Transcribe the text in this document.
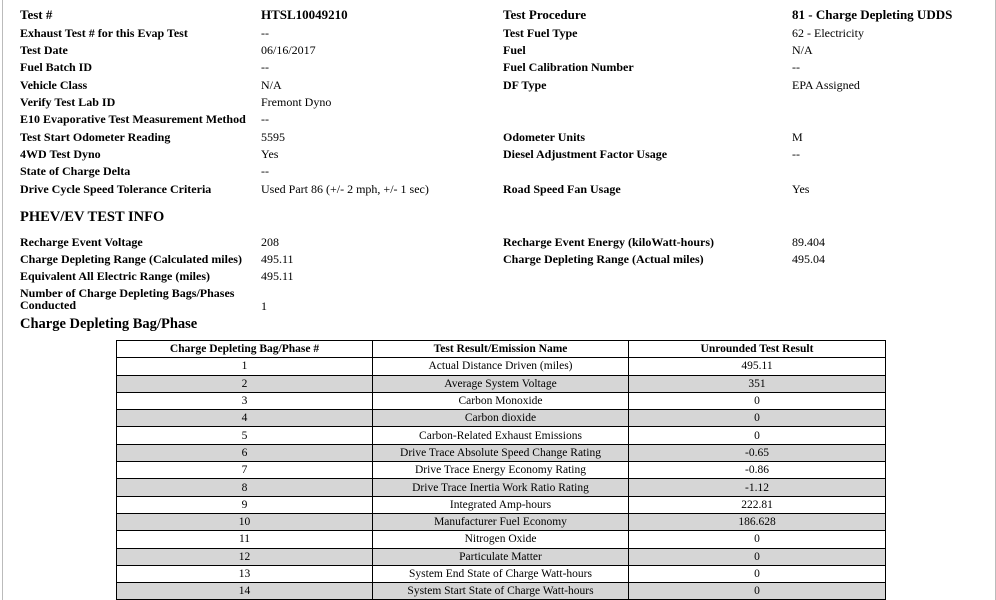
Test #	HTSL10049210
Exhaust Test # for this Evap Test	--
Test Date	06/16/2017
Fuel Batch ID	--
Vehicle Class	N/A
Verify Test Lab ID	Fremont Dyno
E10 Evaporative Test Measurement Method --
Test Start Odometer Reading	5595
4WD Test Dyno	Yes
State of Charge Delta	--
Drive Cycle Speed Tolerance Criteria	Used Part 86 (+/- 2 mph, +/- 1 sec)
Test Procedure	81 - Charge Depleting UDDS
Test Fuel Type	62 - Electricity
Fuel	N/A
Fuel Calibration Number	--
DF Type	EPA Assigned
Odometer Units	M
Diesel Adjustment Factor Usage	--
Road Speed Fan Usage	Yes
PHEV/EV TEST INFO
Recharge Event Voltage	208
Charge Depleting Range (Calculated miles) 495.11
Equivalent All Electric Range (miles)	495.11
Number of Charge Depleting Bags/Phases Conducted	1
Recharge Event Energy (kiloWatt-hours)	89.404
Charge Depleting Range (Actual miles)	495.04
Charge Depleting Bag/Phase
Charge Depleting Bag/Phase #	Test Result/Emission Name	Unrounded Test Result
1	Actual Distance Driven (miles)	495.11
2	Average System Voltage	351
3	Carbon Monoxide	0
4	Carbon dioxide	0
5	Carbon-Related Exhaust Emissions	0
6	Drive Trace Absolute Speed Change Rating	-0.65
7	Drive Trace Energy Economy Rating	-0.86
8	Drive Trace Inertia Work Ratio Rating	-1.12
9	Integrated Amp-hours	222.81
10	Manufacturer Fuel Economy	186.628
11	Nitrogen Oxide	0
12	Particulate Matter	0
13	System End State of Charge Watt-hours	0
14	System Start State of Charge Watt-hours	0
